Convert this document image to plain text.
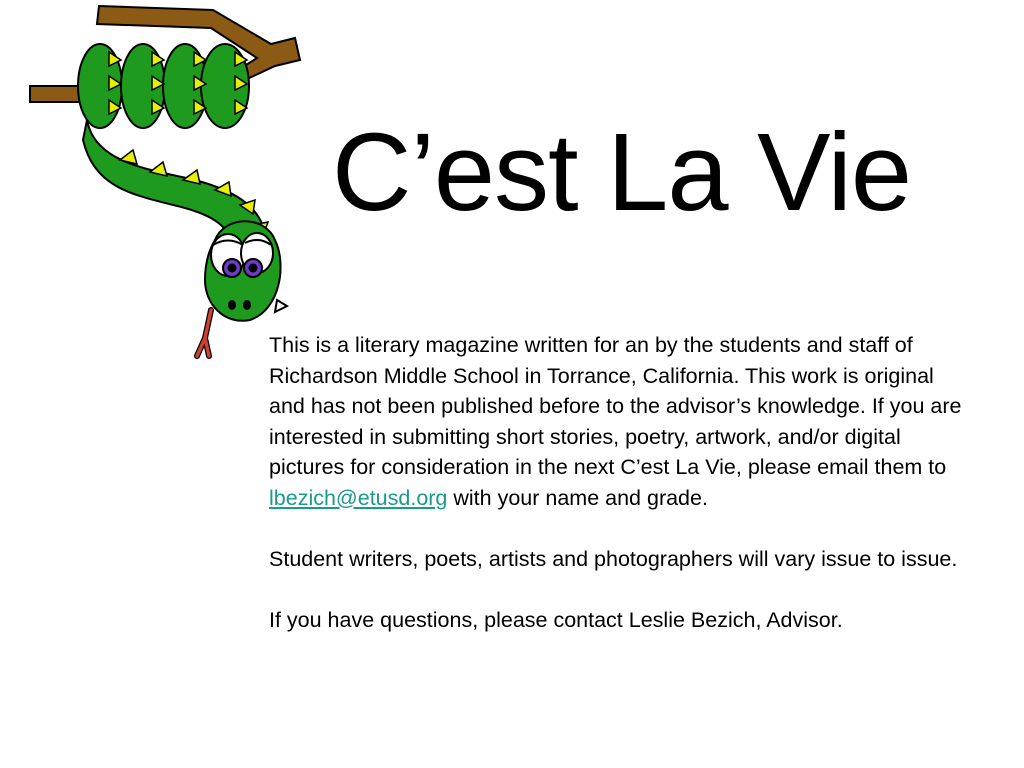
C’est La Vie

This is a literary magazine written for an by the students and staff of Richardson Middle School in Torrance, California. This work is original and has not been published before to the advisor’s knowledge. If you are interested in submitting short stories, poetry, artwork, and/or digital pictures for consideration in the next C’est La Vie, please email them to lbezich@etusd.org with your name and grade.

Student writers, poets, artists and photographers will vary issue to issue.

If you have questions, please contact Leslie Bezich, Advisor.
